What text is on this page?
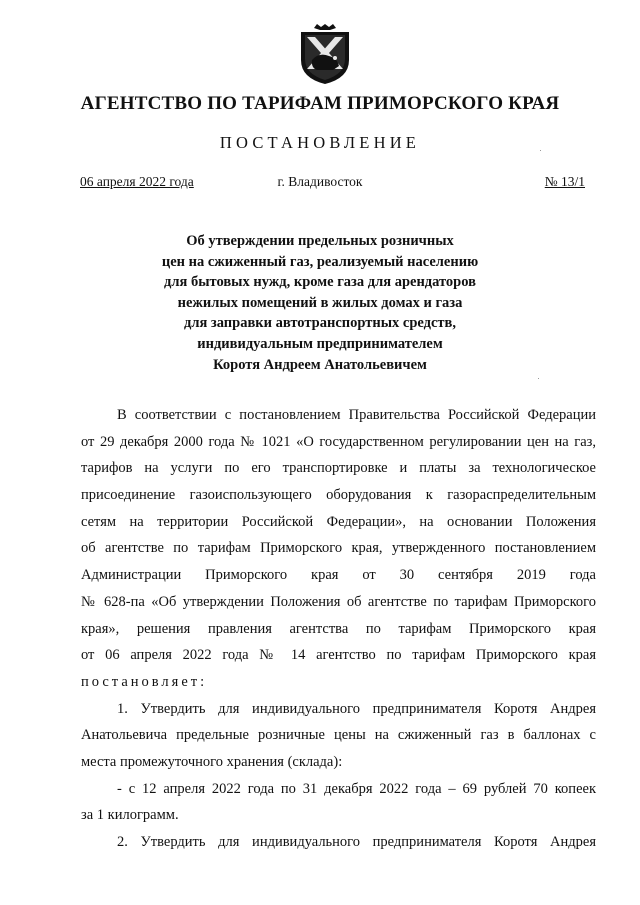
АГЕНТСТВО ПО ТАРИФАМ ПРИМОРСКОГО КРАЯ
ПОСТАНОВЛЕНИЕ
06 апреля 2022 года	г. Владивосток	№ 13/1
Об утверждении предельных розничных
цен на сжиженный газ, реализуемый населению
для бытовых нужд, кроме газа для арендаторов
нежилых помещений в жилых домах и газа
для заправки автотранспортных средств,
индивидуальным предпринимателем
Коротя Андреем Анатольевичем
В соответствии с постановлением Правительства Российской Федерации
от 29 декабря 2000 года № 1021 «О государственном регулировании цен на газ,
тарифов на услуги по его транспортировке и платы за технологическое
присоединение газоиспользующего оборудования к газораспределительным
сетям на территории Российской Федерации», на основании Положения
об агентстве по тарифам Приморского края, утвержденного постановлением
Администрации Приморского края от 30 сентября 2019 года
№ 628-па «Об утверждении Положения об агентстве по тарифам Приморского
края», решения правления агентства по тарифам Приморского края
от 06 апреля 2022 года № 14 агентство по тарифам Приморского края
постановляет:
1. Утвердить для индивидуального предпринимателя Коротя Андрея
Анатольевича предельные розничные цены на сжиженный газ в баллонах с
места промежуточного хранения (склада):
- с 12 апреля 2022 года по 31 декабря 2022 года – 69 рублей 70 копеек
за 1 килограмм.
2. Утвердить для индивидуального предпринимателя Коротя Андрея
